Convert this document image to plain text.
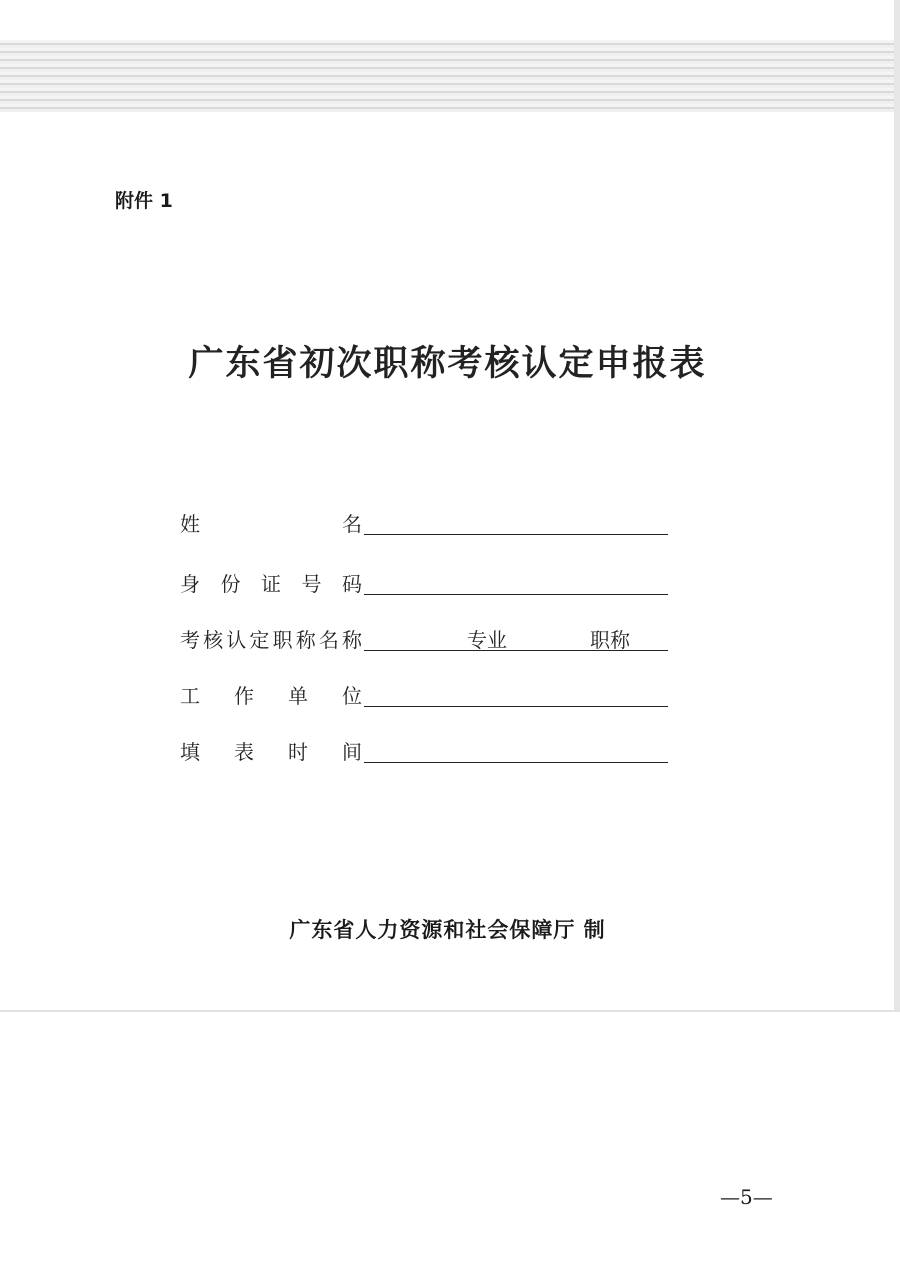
附件 1
广东省初次职称考核认定申报表
姓	名
身 份 证 号 码
考 核 认 定 职 称 名 称	专业	职称
工 作 单 位
填 表 时 间
广东省人力资源和社会保障厅 制
—5—
